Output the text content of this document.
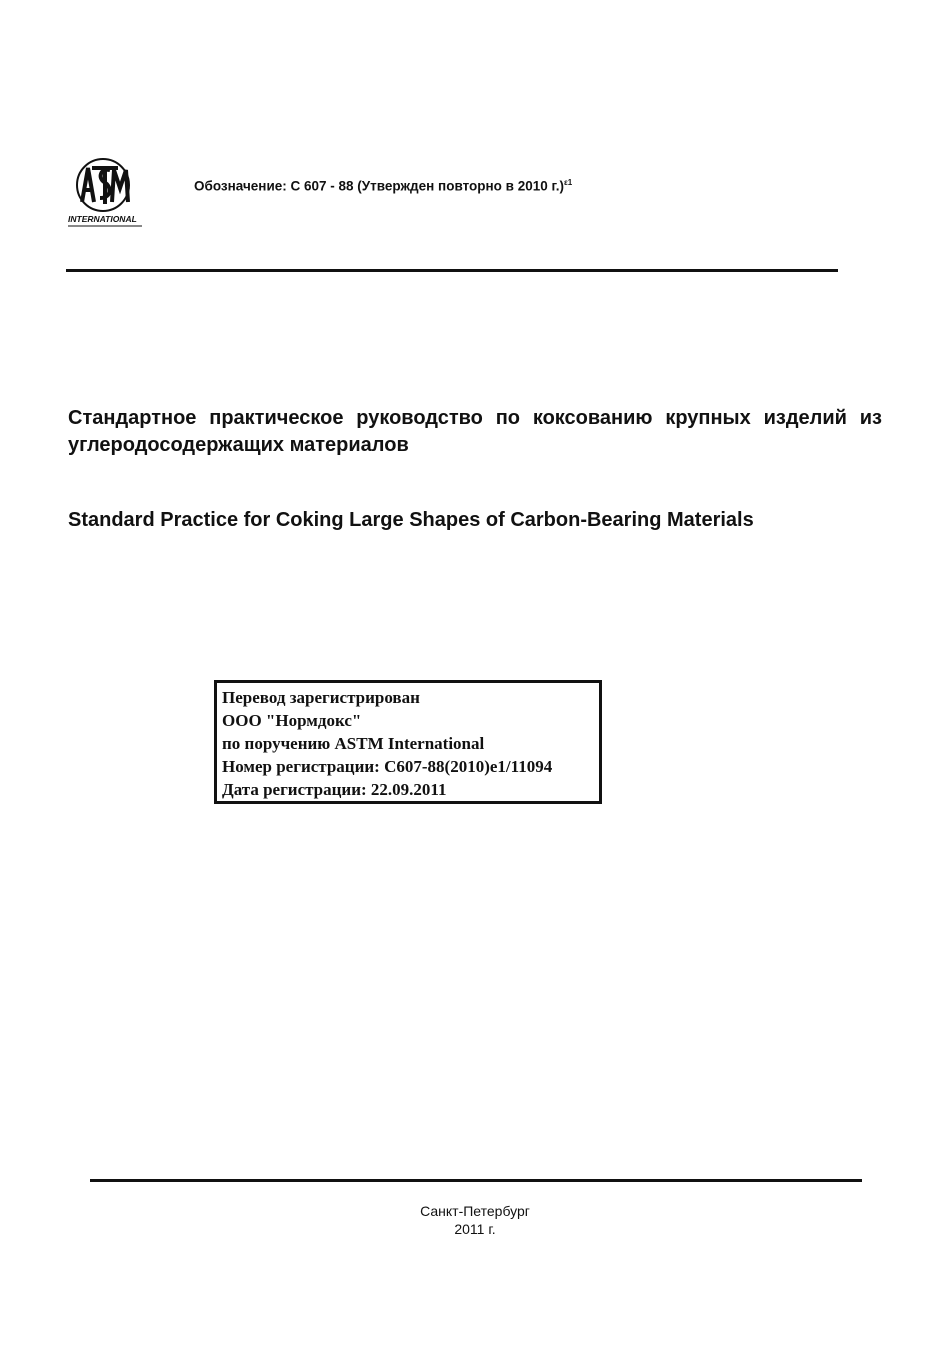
INTERNATIONAL
Обозначение: С 607 - 88 (Утвержден повторно в 2010 г.)$^{\varepsilon 1}$
Стандартное практическое руководство по коксованию крупных изделий из углеродосодержащих материалов
Standard Practice for Coking Large Shapes of Carbon-Bearing Materials
Перевод зарегистрирован
ООО "Нормдокс"
по поручению ASTM International
Номер регистрации: С607-88(2010)e1/11094
Дата регистрации: 22.09.2011
Санкт-Петербург
2011 г.
